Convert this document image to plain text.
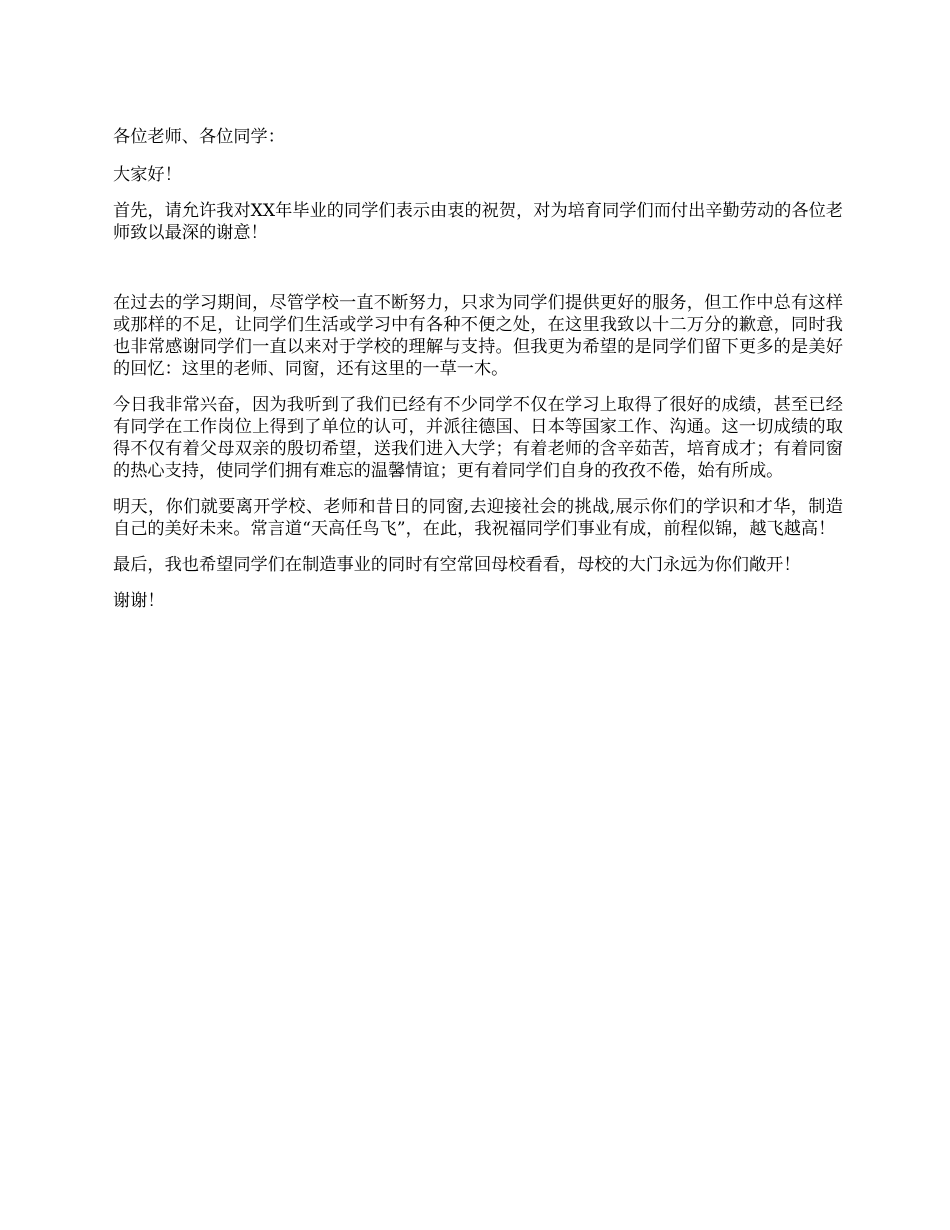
各位老师、各位同学：

大家好！

首先，请允许我对XX年毕业的同学们表示由衷的祝贺，对为培育同学们而付出辛勤劳动的各位老师致以最深的谢意！

在过去的学习期间，尽管学校一直不断努力，只求为同学们提供更好的服务，但工作中总有这样或那样的不足，让同学们生活或学习中有各种不便之处，在这里我致以十二万分的歉意，同时我也非常感谢同学们一直以来对于学校的理解与支持。但我更为希望的是同学们留下更多的是美好的回忆：这里的老师、同窗，还有这里的一草一木。

今日我非常兴奋，因为我听到了我们已经有不少同学不仅在学习上取得了很好的成绩，甚至已经有同学在工作岗位上得到了单位的认可，并派往德国、日本等国家工作、沟通。这一切成绩的取得不仅有着父母双亲的殷切希望，送我们进入大学；有着老师的含辛茹苦，培育成才；有着同窗的热心支持，使同学们拥有难忘的温馨情谊；更有着同学们自身的孜孜不倦，始有所成。

明天，你们就要离开学校、老师和昔日的同窗,去迎接社会的挑战,展示你们的学识和才华，制造自己的美好未来。常言道“天高任鸟飞”，在此，我祝福同学们事业有成，前程似锦，越飞越高！

最后，我也希望同学们在制造事业的同时有空常回母校看看，母校的大门永远为你们敞开！

谢谢！
